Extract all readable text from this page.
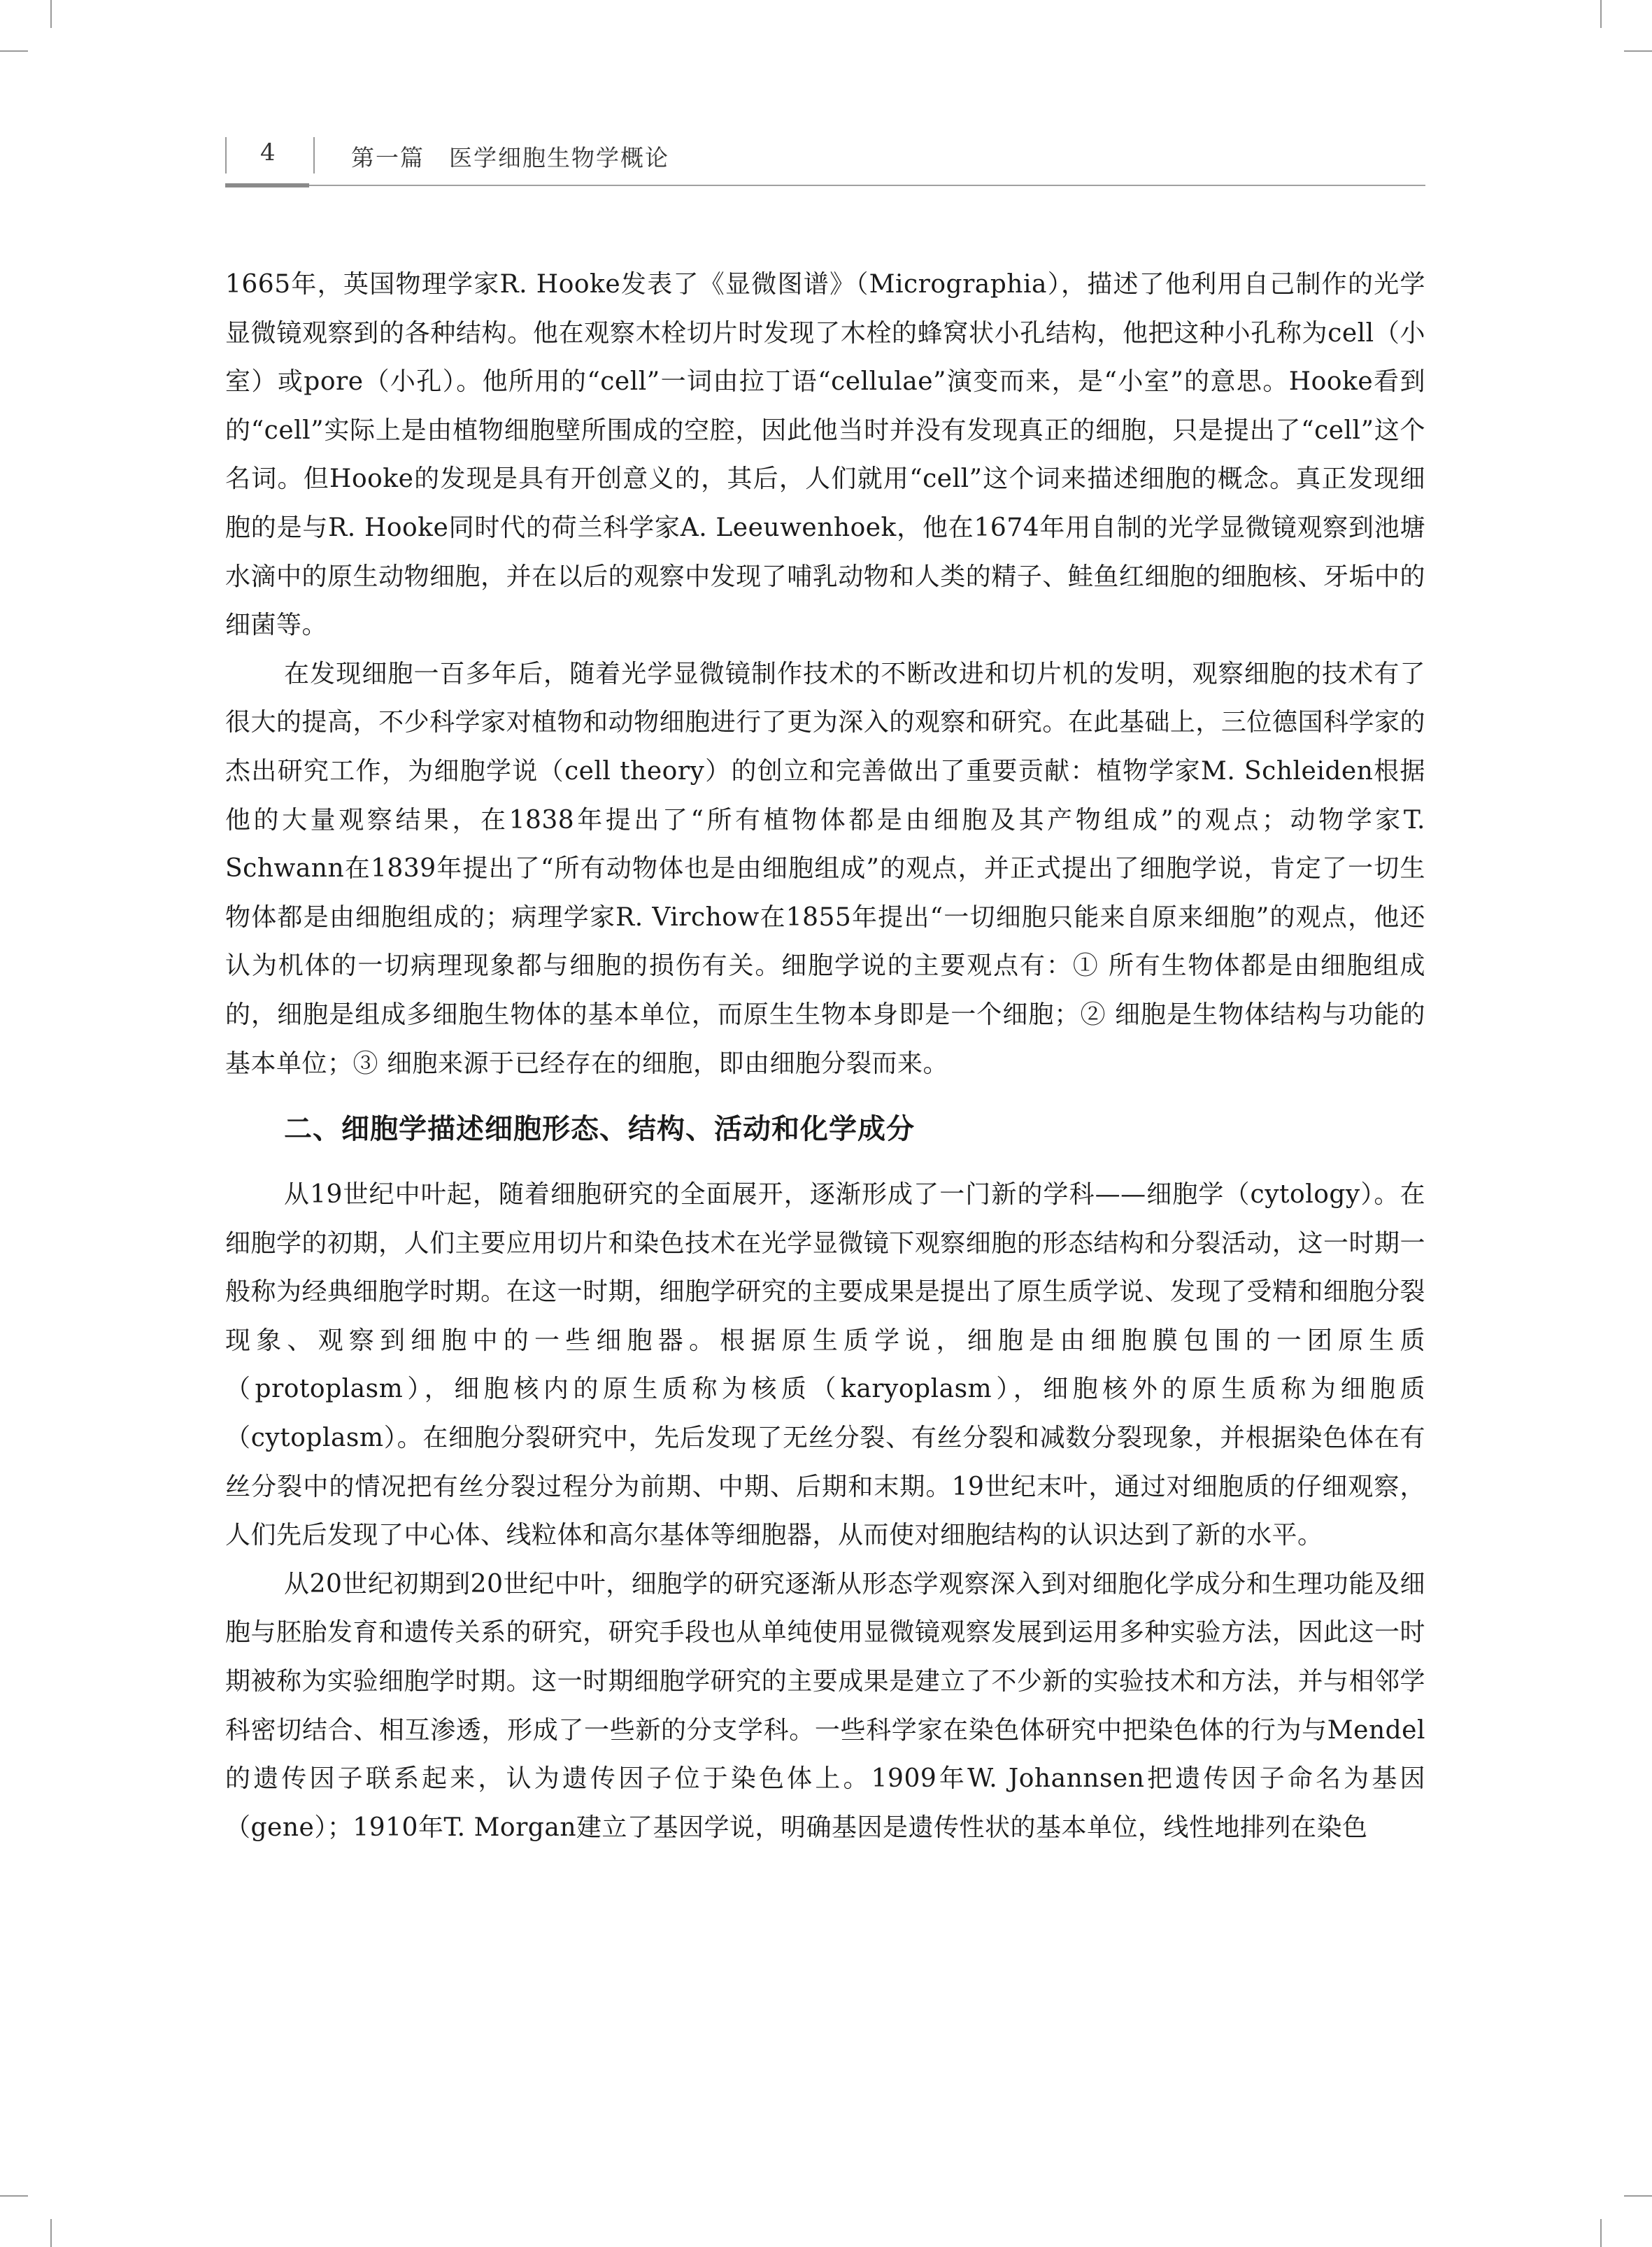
4	第一篇　医学细胞生物学概论

1665年，英国物理学家R. Hooke发表了《显微图谱》（Micrographia），描述了他利用自己制作的光学显微镜观察到的各种结构。他在观察木栓切片时发现了木栓的蜂窝状小孔结构，他把这种小孔称为cell（小室）或pore（小孔）。他所用的“cell”一词由拉丁语“cellulae”演变而来，是“小室”的意思。Hooke看到的“cell”实际上是由植物细胞壁所围成的空腔，因此他当时并没有发现真正的细胞，只是提出了“cell”这个名词。但Hooke的发现是具有开创意义的，其后，人们就用“cell”这个词来描述细胞的概念。真正发现细胞的是与R. Hooke同时代的荷兰科学家A. Leeuwenhoek，他在1674年用自制的光学显微镜观察到池塘水滴中的原生动物细胞，并在以后的观察中发现了哺乳动物和人类的精子、鲑鱼红细胞的细胞核、牙垢中的细菌等。

在发现细胞一百多年后，随着光学显微镜制作技术的不断改进和切片机的发明，观察细胞的技术有了很大的提高，不少科学家对植物和动物细胞进行了更为深入的观察和研究。在此基础上，三位德国科学家的杰出研究工作，为细胞学说（cell theory）的创立和完善做出了重要贡献：植物学家M. Schleiden根据他的大量观察结果，在1838年提出了“所有植物体都是由细胞及其产物组成”的观点；动物学家T. Schwann在1839年提出了“所有动物体也是由细胞组成”的观点，并正式提出了细胞学说，肯定了一切生物体都是由细胞组成的；病理学家R. Virchow在1855年提出“一切细胞只能来自原来细胞”的观点，他还认为机体的一切病理现象都与细胞的损伤有关。细胞学说的主要观点有：① 所有生物体都是由细胞组成的，细胞是组成多细胞生物体的基本单位，而原生生物本身即是一个细胞；② 细胞是生物体结构与功能的基本单位；③ 细胞来源于已经存在的细胞，即由细胞分裂而来。

二、细胞学描述细胞形态、结构、活动和化学成分

从19世纪中叶起，随着细胞研究的全面展开，逐渐形成了一门新的学科——细胞学（cytology）。在细胞学的初期，人们主要应用切片和染色技术在光学显微镜下观察细胞的形态结构和分裂活动，这一时期一般称为经典细胞学时期。在这一时期，细胞学研究的主要成果是提出了原生质学说、发现了受精和细胞分裂现象、观察到细胞中的一些细胞器。根据原生质学说，细胞是由细胞膜包围的一团原生质（protoplasm），细胞核内的原生质称为核质（karyoplasm），细胞核外的原生质称为细胞质（cytoplasm）。在细胞分裂研究中，先后发现了无丝分裂、有丝分裂和减数分裂现象，并根据染色体在有丝分裂中的情况把有丝分裂过程分为前期、中期、后期和末期。19世纪末叶，通过对细胞质的仔细观察，人们先后发现了中心体、线粒体和高尔基体等细胞器，从而使对细胞结构的认识达到了新的水平。

从20世纪初期到20世纪中叶，细胞学的研究逐渐从形态学观察深入到对细胞化学成分和生理功能及细胞与胚胎发育和遗传关系的研究，研究手段也从单纯使用显微镜观察发展到运用多种实验方法，因此这一时期被称为实验细胞学时期。这一时期细胞学研究的主要成果是建立了不少新的实验技术和方法，并与相邻学科密切结合、相互渗透，形成了一些新的分支学科。一些科学家在染色体研究中把染色体的行为与Mendel的遗传因子联系起来，认为遗传因子位于染色体上。1909年W. Johannsen把遗传因子命名为基因（gene）；1910年T. Morgan建立了基因学说，明确基因是遗传性状的基本单位，线性地排列在染色
